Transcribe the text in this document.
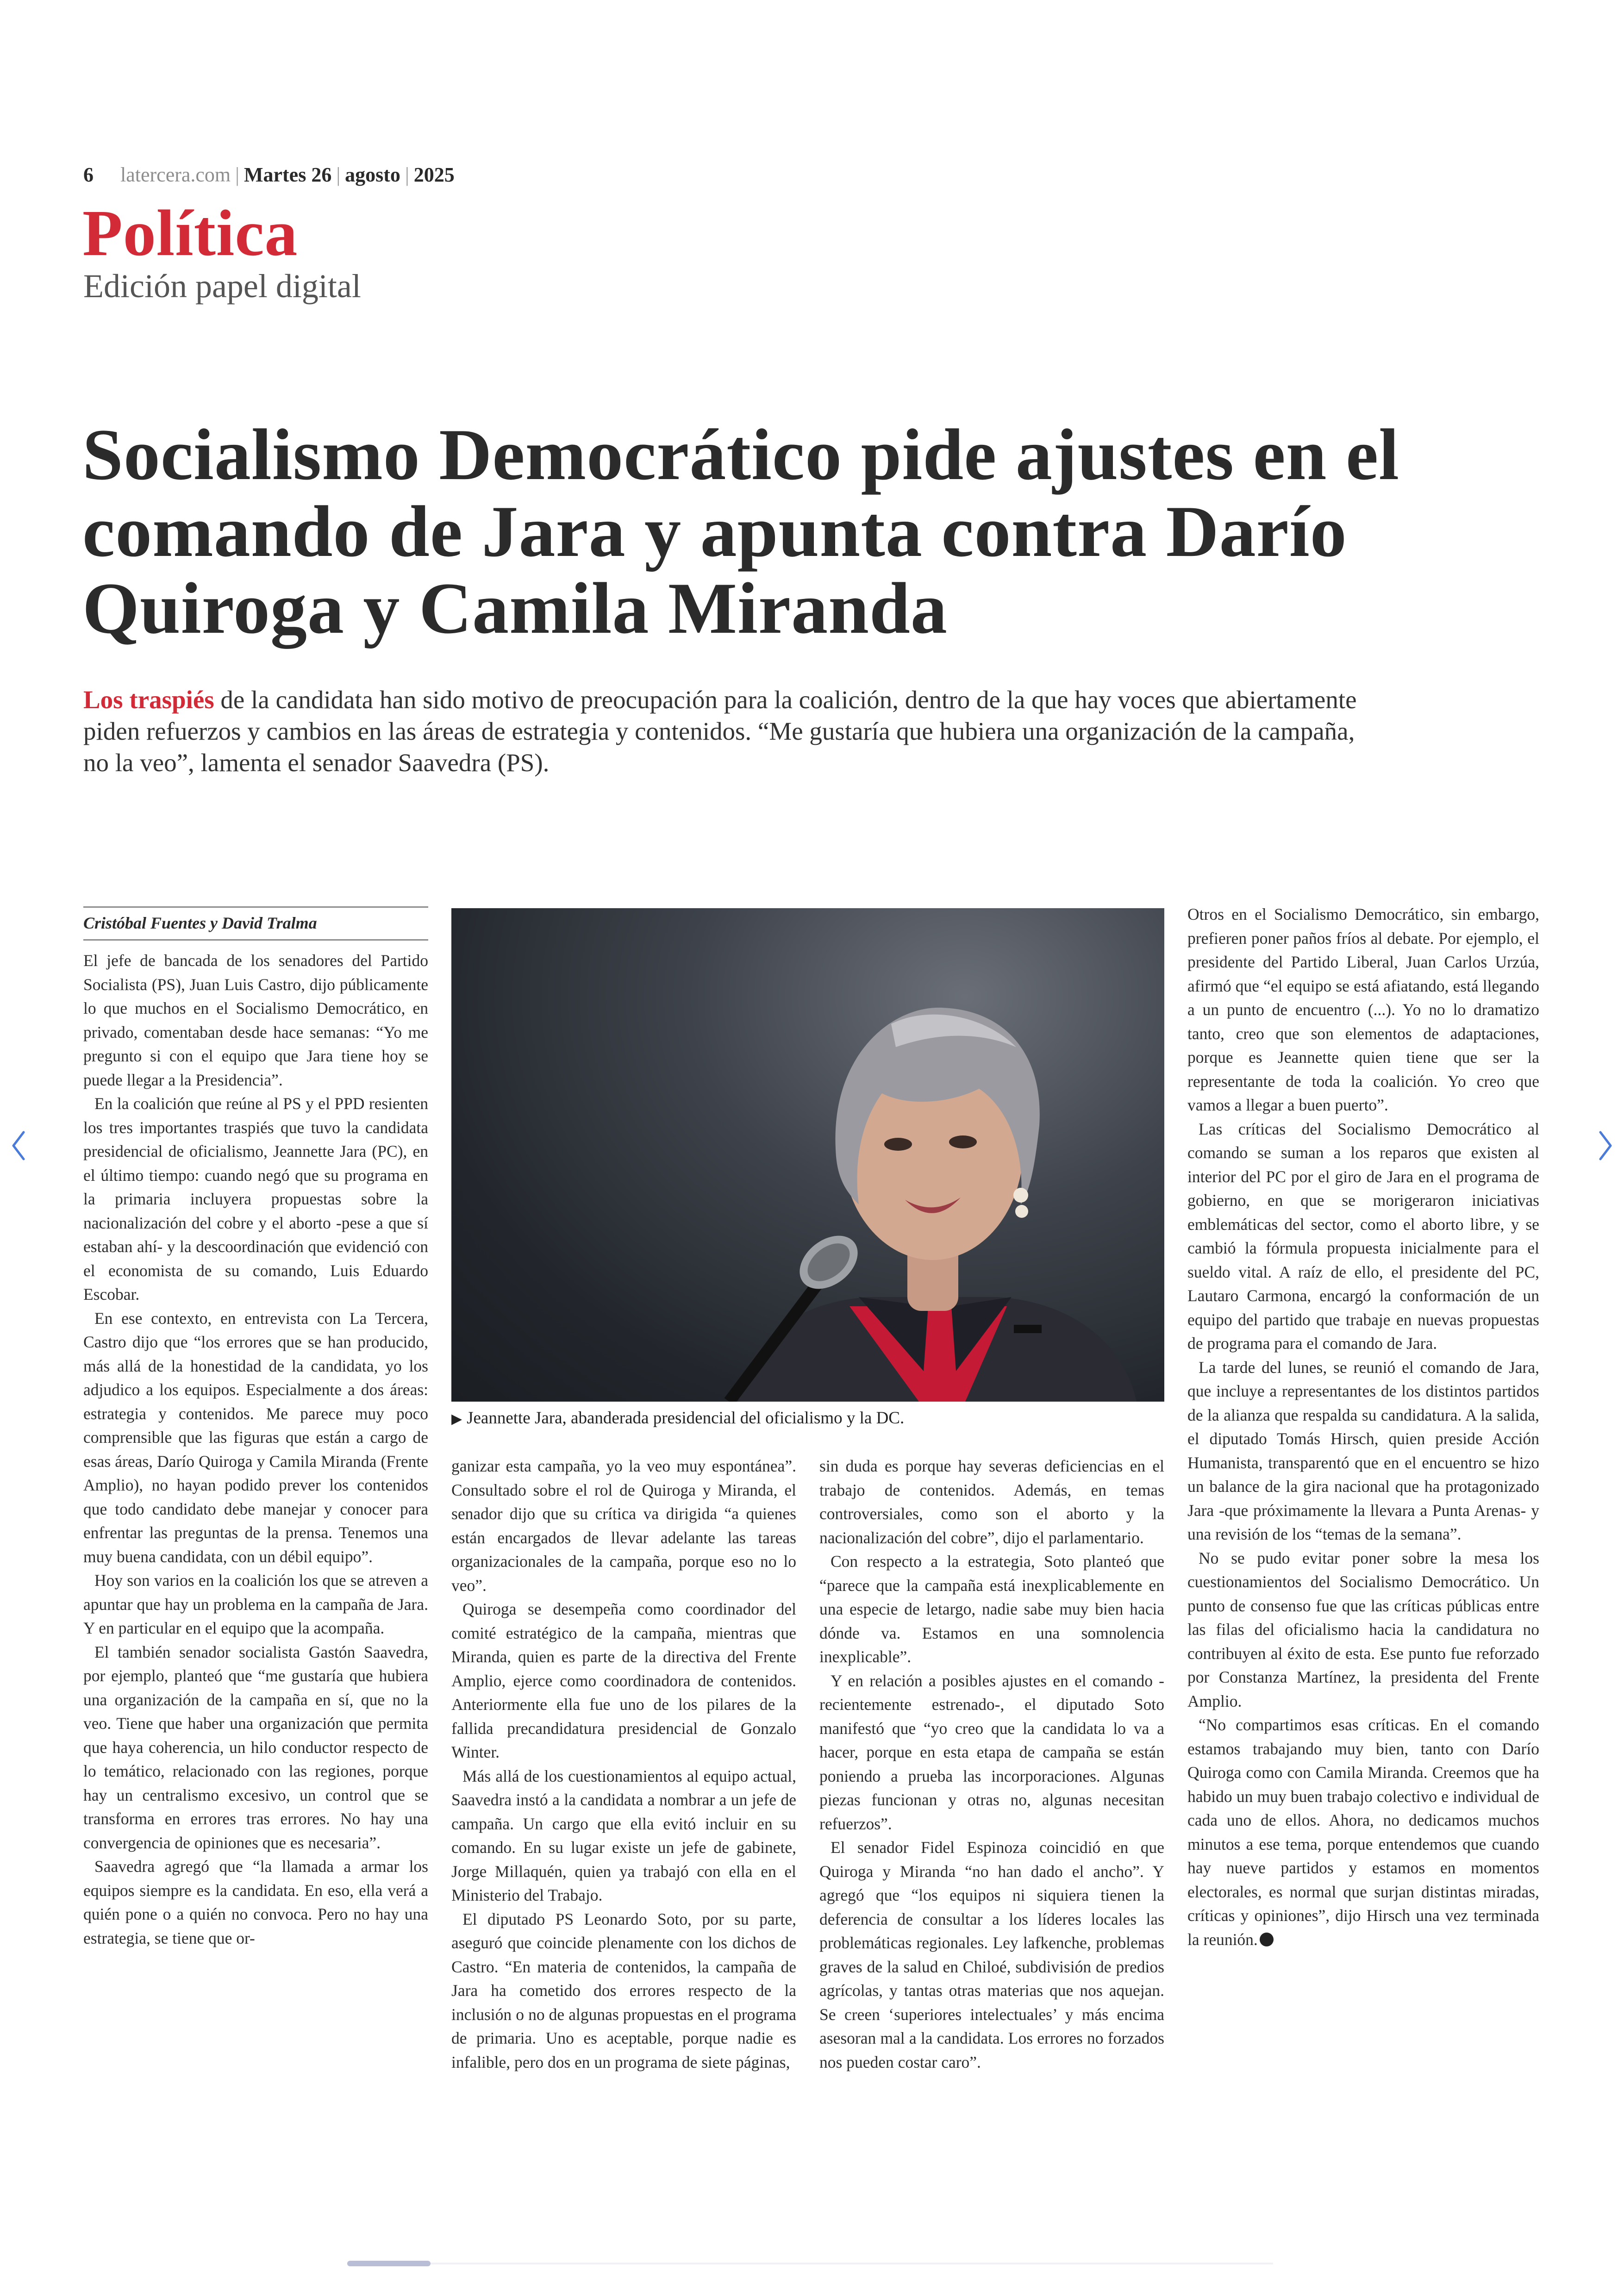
6 latercera.com | Martes 26 | agosto | 2025
Política
Edición papel digital
Socialismo Democrático pide ajustes en el comando de Jara y apunta contra Darío Quiroga y Camila Miranda

Los traspiés de la candidata han sido motivo de preocupación para la coalición, dentro de la que hay voces que abiertamente piden refuerzos y cambios en las áreas de estrategia y contenidos. “Me gustaría que hubiera una organización de la campaña, no la veo”, lamenta el senador Saavedra (PS).

Cristóbal Fuentes y David Tralma

El jefe de bancada de los senadores del Partido Socialista (PS), Juan Luis Castro, dijo públicamente lo que muchos en el Socialismo Democrático, en privado, comentaban desde hace semanas: “Yo me pregunto si con el equipo que Jara tiene hoy se puede llegar a la Presidencia”.

En la coalición que reúne al PS y el PPD resienten los tres importantes traspiés que tuvo la candidata presidencial de oficialismo, Jeannette Jara (PC), en el último tiempo: cuando negó que su programa en la primaria incluyera propuestas sobre la nacionalización del cobre y el aborto -pese a que sí estaban ahí- y la descoordinación que evidenció con el economista de su comando, Luis Eduardo Escobar.

En ese contexto, en entrevista con La Tercera, Castro dijo que “los errores que se han producido, más allá de la honestidad de la candidata, yo los adjudico a los equipos. Especialmente a dos áreas: estrategia y contenidos. Me parece muy poco comprensible que las figuras que están a cargo de esas áreas, Darío Quiroga y Camila Miranda (Frente Amplio), no hayan podido prever los contenidos que todo candidato debe manejar y conocer para enfrentar las preguntas de la prensa. Tenemos una muy buena candidata, con un débil equipo”.

Hoy son varios en la coalición los que se atreven a apuntar que hay un problema en la campaña de Jara. Y en particular en el equipo que la acompaña.

El también senador socialista Gastón Saavedra, por ejemplo, planteó que “me gustaría que hubiera una organización de la campaña en sí, que no la veo. Tiene que haber una organización que permita que haya coherencia, un hilo conductor respecto de lo temático, relacionado con las regiones, porque hay un centralismo excesivo, un control que se transforma en errores tras errores. No hay una convergencia de opiniones que es necesaria”.

Saavedra agregó que “la llamada a armar los equipos siempre es la candidata. En eso, ella verá a quién pone o a quién no convoca. Pero no hay una estrategia, se tiene que or-

ganizar esta campaña, yo la veo muy espontánea”. Consultado sobre el rol de Quiroga y Miranda, el senador dijo que su crítica va dirigida “a quienes están encargados de llevar adelante las tareas organizacionales de la campaña, porque eso no lo veo”.

Quiroga se desempeña como coordinador del comité estratégico de la campaña, mientras que Miranda, quien es parte de la directiva del Frente Amplio, ejerce como coordinadora de contenidos. Anteriormente ella fue uno de los pilares de la fallida precandidatura presidencial de Gonzalo Winter.

Más allá de los cuestionamientos al equipo actual, Saavedra instó a la candidata a nombrar a un jefe de campaña. Un cargo que ella evitó incluir en su comando. En su lugar existe un jefe de gabinete, Jorge Millaquén, quien ya trabajó con ella en el Ministerio del Trabajo.

El diputado PS Leonardo Soto, por su parte, aseguró que coincide plenamente con los dichos de Castro. “En materia de contenidos, la campaña de Jara ha cometido dos errores respecto de la inclusión o no de algunas propuestas en el programa de primaria. Uno es aceptable, porque nadie es infalible, pero dos en un programa de siete páginas,

sin duda es porque hay severas deficiencias en el trabajo de contenidos. Además, en temas controversiales, como son el aborto y la nacionalización del cobre”, dijo el parlamentario.

Con respecto a la estrategia, Soto planteó que “parece que la campaña está inexplicablemente en una especie de letargo, nadie sabe muy bien hacia dónde va. Estamos en una somnolencia inexplicable”.

Y en relación a posibles ajustes en el comando -recientemente estrenado-, el diputado Soto manifestó que “yo creo que la candidata lo va a hacer, porque en esta etapa de campaña se están poniendo a prueba las incorporaciones. Algunas piezas funcionan y otras no, algunas necesitan refuerzos”.

El senador Fidel Espinoza coincidió en que Quiroga y Miranda “no han dado el ancho”. Y agregó que “los equipos ni siquiera tienen la deferencia de consultar a los líderes locales las problemáticas regionales. Ley lafkenche, problemas graves de la salud en Chiloé, subdivisión de predios agrícolas, y tantas otras materias que nos aquejan. Se creen ‘superiores intelectuales’ y más encima asesoran mal a la candidata. Los errores no forzados nos pueden costar caro”.

Otros en el Socialismo Democrático, sin embargo, prefieren poner paños fríos al debate. Por ejemplo, el presidente del Partido Liberal, Juan Carlos Urzúa, afirmó que “el equipo se está afiatando, está llegando a un punto de encuentro (...). Yo no lo dramatizo tanto, creo que son elementos de adaptaciones, porque es Jeannette quien tiene que ser la representante de toda la coalición. Yo creo que vamos a llegar a buen puerto”.

Las críticas del Socialismo Democrático al comando se suman a los reparos que existen al interior del PC por el giro de Jara en el programa de gobierno, en que se morigeraron iniciativas emblemáticas del sector, como el aborto libre, y se cambió la fórmula propuesta inicialmente para el sueldo vital. A raíz de ello, el presidente del PC, Lautaro Carmona, encargó la conformación de un equipo del partido que trabaje en nuevas propuestas de programa para el comando de Jara.

La tarde del lunes, se reunió el comando de Jara, que incluye a representantes de los distintos partidos de la alianza que respalda su candidatura. A la salida, el diputado Tomás Hirsch, quien preside Acción Humanista, transparentó que en el encuentro se hizo un balance de la gira nacional que ha protagonizado Jara -que próximamente la llevara a Punta Arenas- y una revisión de los “temas de la semana”.

No se pudo evitar poner sobre la mesa los cuestionamientos del Socialismo Democrático. Un punto de consenso fue que las críticas públicas entre las filas del oficialismo hacia la candidatura no contribuyen al éxito de esta. Ese punto fue reforzado por Constanza Martínez, la presidenta del Frente Amplio.

“No compartimos esas críticas. En el comando estamos trabajando muy bien, tanto con Darío Quiroga como con Camila Miranda. Creemos que ha habido un muy buen trabajo colectivo e individual de cada uno de ellos. Ahora, no dedicamos muchos minutos a ese tema, porque entendemos que cuando hay nueve partidos y estamos en momentos electorales, es normal que surjan distintas miradas, críticas y opiniones”, dijo Hirsch una vez terminada la reunión.

▶ Jeannette Jara, abanderada presidencial del oficialismo y la DC.
